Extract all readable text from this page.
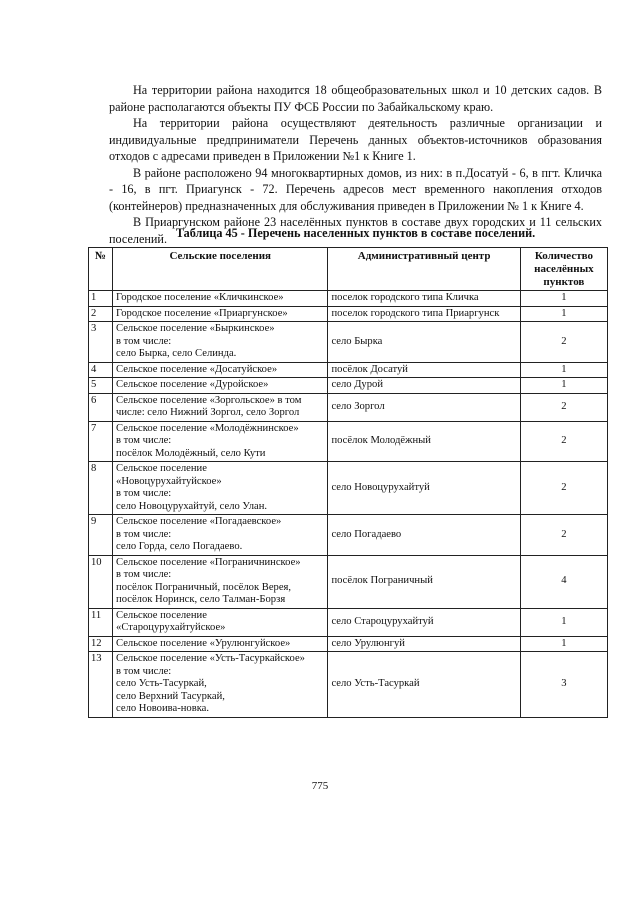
На территории района находится 18 общеобразовательных школ и 10 детских садов. В районе располагаются объекты ПУ ФСБ России по Забайкальскому краю.

На территории района осуществляют деятельность различные организации и индивидуальные предприниматели Перечень данных объектов-источников образования отходов с адресами приведен в Приложении №1 к Книге 1.

В районе расположено 94 многоквартирных домов, из них: в п.Досатуй - 6, в пгт. Кличка - 16, в пгт. Приагунск - 72. Перечень адресов мест временного накопления отходов (контейнеров) предназначенных для обслуживания приведен в Приложении № 1 к Книге 4.

В Приаргунском районе 23 населённых пунктов в составе двух городских и 11 сельских поселений. Таблица 45 - Перечень населенных пунктов в составе поселений.
№	Сельские поселения	Административный центр	Количество населённых пунктов
1	Городское поселение «Кличкинское»	поселок городского типа Кличка	1
2	Городское поселение «Приаргунское»	поселок городского типа Приаргунск	1
3	Сельское поселение «Быркинское»
в том числе:
село Бырка, село Селинда.	село Бырка	2
4	Сельское поселение «Досатуйское»	посёлок Досатуй	1
5	Сельское поселение «Дуройское»	село Дурой	1
6	Сельское поселение «Зоргольское» в том
числе: село Нижний Зоргол, село Зоргол	село Зоргол	2
7	Сельское поселение «Молодёжнинское»
в том числе:
посёлок Молодёжный, село Кути	посёлок Молодёжный	2
8	Сельское поселение
«Новоцурухайтуйское»
в том числе:
село Новоцурухайтуй, село Улан.	село Новоцурухайтуй	2
9	Сельское поселение «Погадаевское»
в том числе:
село Горда, село Погадаево.	село Погадаево	2
10	Сельское поселение «Пограничнинское»
в том числе:
посёлок Пограничный, посёлок Верея,
посёлок Норинск, село Талман-Борзя	посёлок Пограничный	4
11	Сельское поселение
«Староцурухайтуйское»	село Староцурухайтуй	1
12	Сельское поселение «Урулюнгуйское»	село Урулюнгуй	1
13	Сельское поселение «Усть-Тасуркайское»
в том числе:
село Усть-Тасуркай,
село Верхний Тасуркай,
село Новоива-новка.	село Усть-Тасуркай	3
775
